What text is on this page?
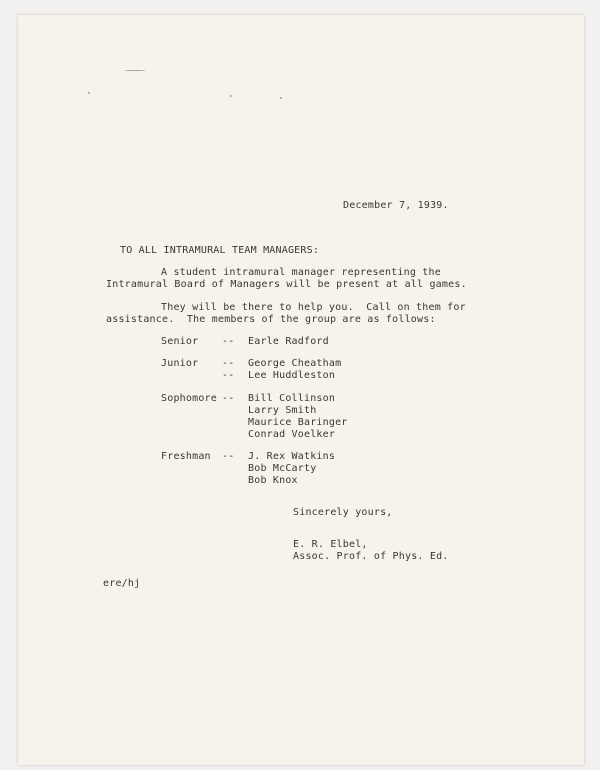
December 7, 1939.
TO ALL INTRAMURAL TEAM MANAGERS:
A student intramural manager representing the
Intramural Board of Managers will be present at all games.
They will be there to help you.  Call on them for
assistance.  The members of the group are as follows:
Senior -- Earle Radford
Junior -- George Cheatham
-- Lee Huddleston
Sophomore -- Bill Collinson
Larry Smith
Maurice Baringer
Conrad Voelker
Freshman -- J. Rex Watkins
Bob McCarty
Bob Knox
Sincerely yours,
E. R. Elbel,
Assoc. Prof. of Phys. Ed.
ere/hj
